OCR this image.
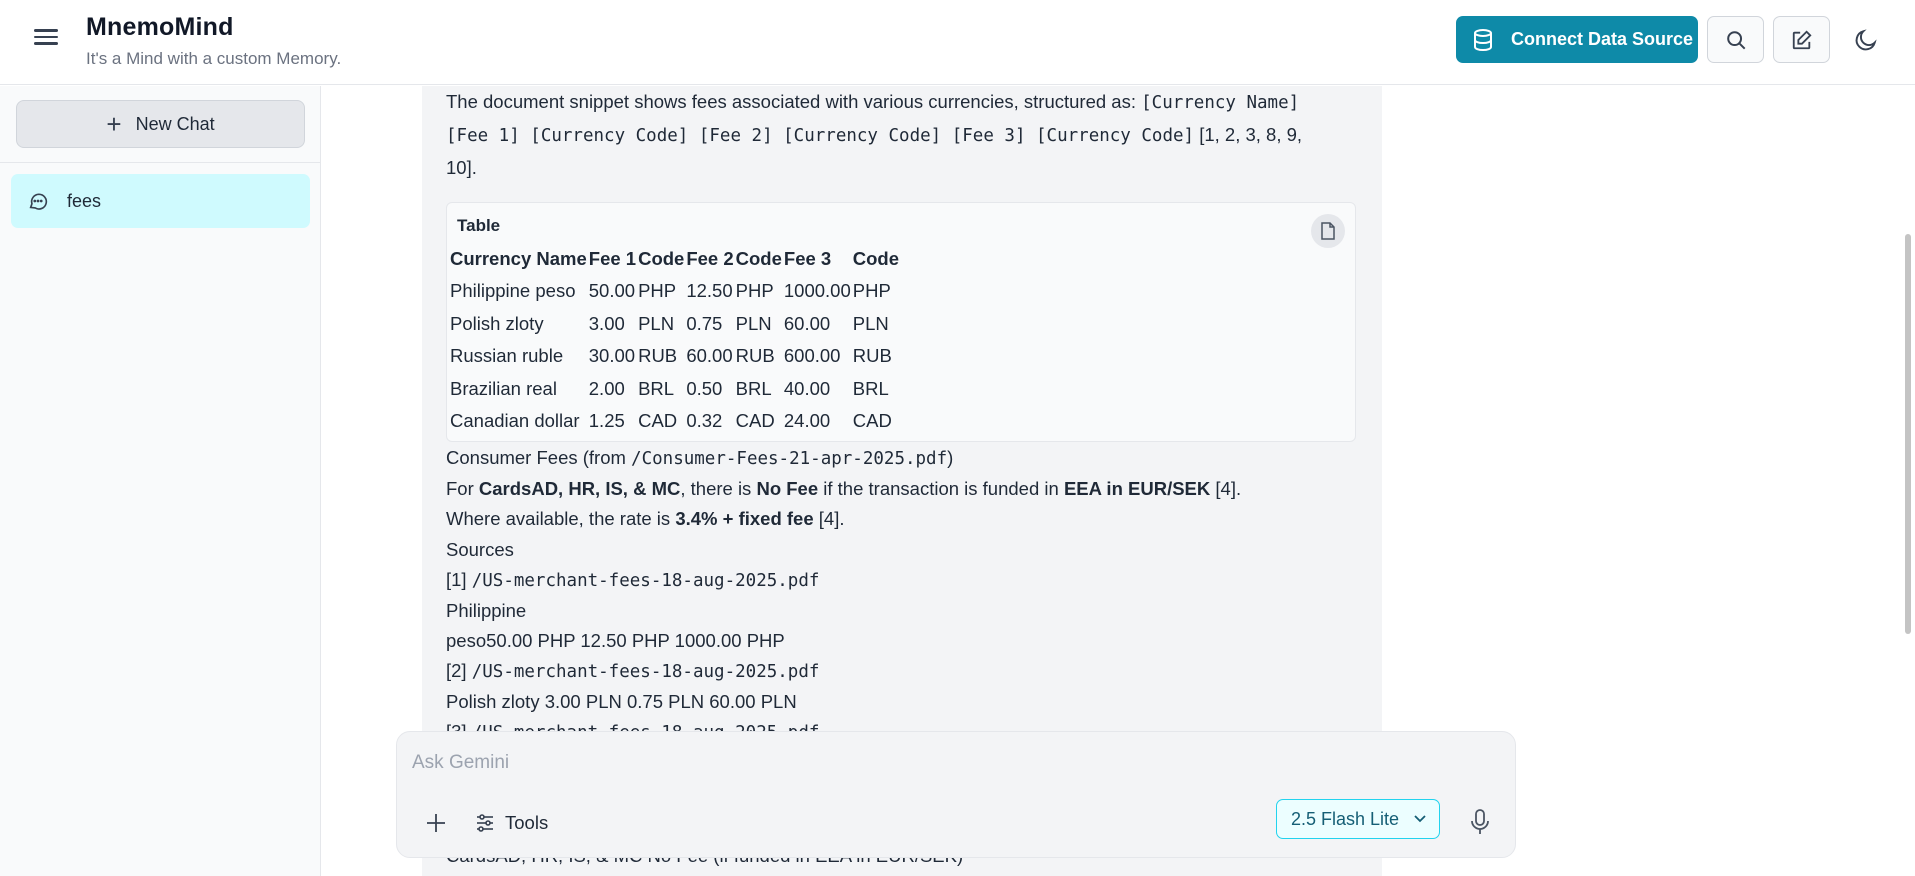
MnemoMind
It's a Mind with a custom Memory.
Connect Data Source
+ New Chat
fees
The document snippet shows fees associated with various currencies, structured as: [Currency Name]
[Fee 1] [Currency Code] [Fee 2] [Currency Code] [Fee 3] [Currency Code] [1, 2, 3, 8, 9,
10].
Table
Currency Name	Fee 1	Code	Fee 2	Code	Fee 3	Code
Philippine peso	50.00	PHP	12.50	PHP	1000.00	PHP
Polish zloty	3.00	PLN	0.75	PLN	60.00	PLN
Russian ruble	30.00	RUB	60.00	RUB	600.00	RUB
Brazilian real	2.00	BRL	0.50	BRL	40.00	BRL
Canadian dollar	1.25	CAD	0.32	CAD	24.00	CAD
Consumer Fees (from /Consumer-Fees-21-apr-2025.pdf)
For CardsAD, HR, IS, & MC, there is No Fee if the transaction is funded in EEA in EUR/SEK [4].
Where available, the rate is 3.4% + fixed fee [4].
Sources
[1] /US-merchant-fees-18-aug-2025.pdf
Philippine
peso50.00 PHP 12.50 PHP 1000.00 PHP
[2] /US-merchant-fees-18-aug-2025.pdf
Polish zloty 3.00 PLN 0.75 PLN 60.00 PLN
Ask Gemini
Tools	2.5 Flash Lite
